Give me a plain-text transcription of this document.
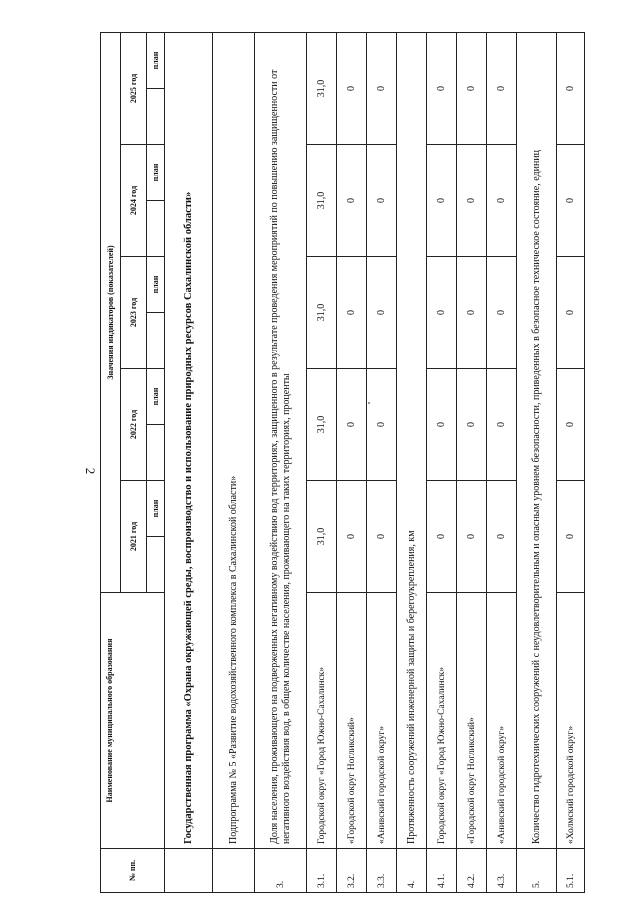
2
№ пп.	Наименование муниципального образования	Значения индикаторов (показателей)									
		2021 год		2022 год		2023 год		2024 год		2025 год	
			план		план		план		план		план
	Государственная программа «Охрана окружающей среды, воспроизводство и использование природных ресурсов Сахалинской области»										
	Подпрограмма № 5 «Развитие водохозяйственного комплекса в Сахалинской области»										
3.	Доля населения, проживающего на подверженных негативному воздействию вод территориях, защищенного в результате проведения мероприятий по повышению защищенности от негативного воздействия вод, в общем количестве населения, проживающего на таких территориях, проценты										
3.1.	Городской округ «Город Южно-Сахалинск»	31,0		31,0		31,0		31,0		31,0	
3.2.	«Городской округ Ногликский»	0		0		0		0		0	
3.3.	«Анивский городской округ»	0		0		0		0		0	
4.	Протяженность сооружений инженерной защиты и берегоукрепления, км										
4.1.	Городской округ «Город Южно-Сахалинск»	0		0		0		0		0	
4.2.	«Городской округ Ногликский»	0		0		0		0		0	
4.3.	«Анивский городской округ»	0		0		0		0		0	
5.	Количество гидротехнических сооружений с неудовлетворительным и опасным уровнем безопасности, приведенных в безопасное техническое состояние, единиц										
5.1.	«Холмский городской округ»	0		0		0		0		0	
